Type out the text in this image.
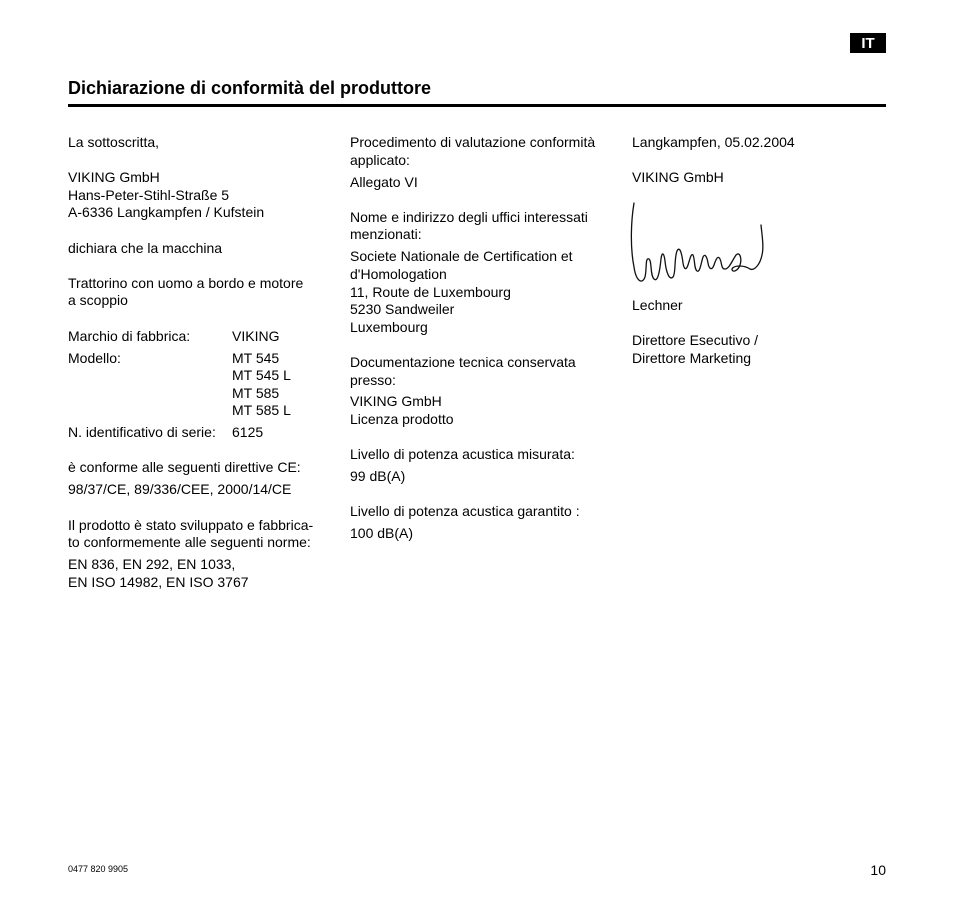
IT
Dichiarazione di conformità del produttore

La sottoscritta,

VIKING GmbH

Hans-Peter-Stihl-Straße 5

A-6336 Langkampfen / Kufstein

dichiara che la macchina

Trattorino con uomo a bordo e motore

a scoppio

Marchio di fabbrica:	VIKING
Modello:	MT 545
MT 545 L
MT 585
MT 585 L
N. identificativo di serie:	6125

è conforme alle seguenti direttive CE:

98/37/CE, 89/336/CEE, 2000/14/CE

Il prodotto è stato sviluppato e fabbrica-

to conformemente alle seguenti norme:

EN 836, EN 292, EN 1033,

EN ISO 14982, EN ISO 3767

Procedimento di valutazione conformità

applicato:

Allegato VI

Nome e indirizzo degli uffici interessati

menzionati:

Societe Nationale de Certification et

d'Homologation

11, Route de Luxembourg

5230 Sandweiler

Luxembourg

Documentazione tecnica conservata

presso:

VIKING GmbH

Licenza prodotto

Livello di potenza acustica misurata:

99 dB(A)

Livello di potenza acustica garantito :

100 dB(A)

Langkampfen, 05.02.2004

VIKING GmbH

Lechner

Direttore Esecutivo /

Direttore Marketing

0477 820 9905	10
